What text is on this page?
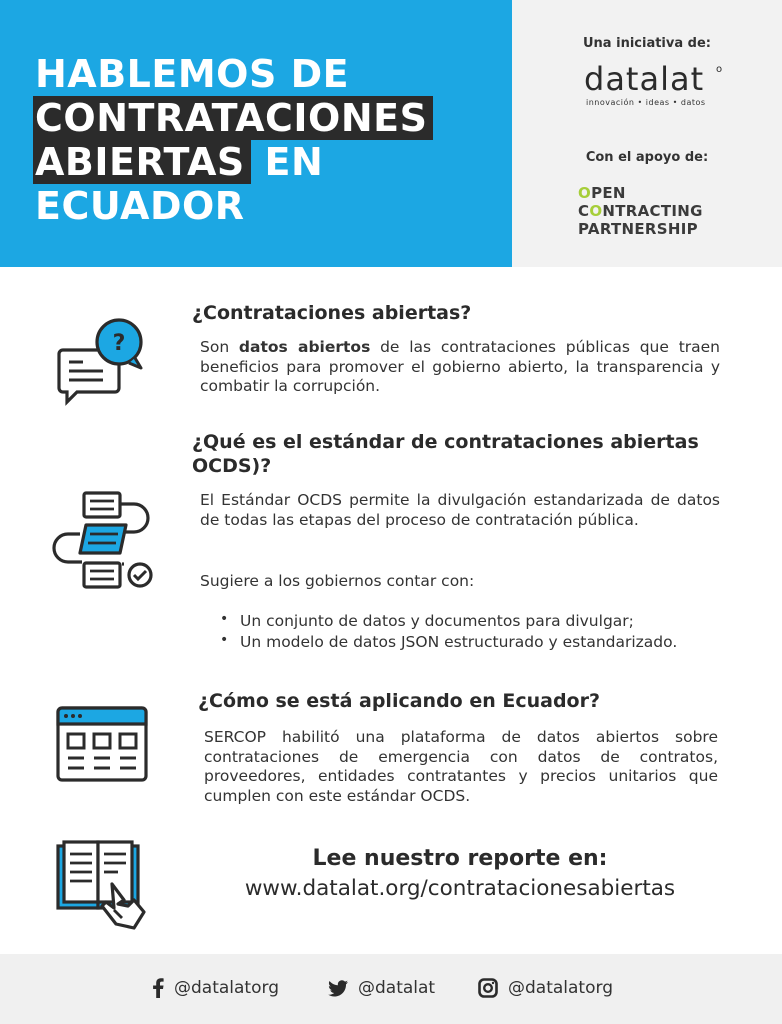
HABLEMOS DE
CONTRATACIONES
ABIERTAS EN
ECUADOR
Una iniciativa de:
datalat	o
innovación • ideas • datos
Con el apoyo de:
OPEN
CONTRACTING
PARTNERSHIP
?
¿Contrataciones abiertas?
Son datos abiertos de las contrataciones públicas que traen beneficios para promover el gobierno abierto, la transparencia y combatir la corrupción.
¿Qué es el estándar de contrataciones abiertas OCDS)?
El Estándar OCDS permite la divulgación estandarizada de datos de todas las etapas del proceso de contratación pública.
Sugiere a los gobiernos contar con:
• Un conjunto de datos y documentos para divulgar;
• Un modelo de datos JSON estructurado y estandarizado.
¿Cómo se está aplicando en Ecuador?
SERCOP habilitó una plataforma de datos abiertos sobre contrataciones de emergencia con datos de contratos, proveedores, entidades contratantes y precios unitarios que cumplen con este estándar OCDS.
Lee nuestro reporte en:
www.datalat.org/contratacionesabiertas
@datalatorg	@datalat	@datalatorg
